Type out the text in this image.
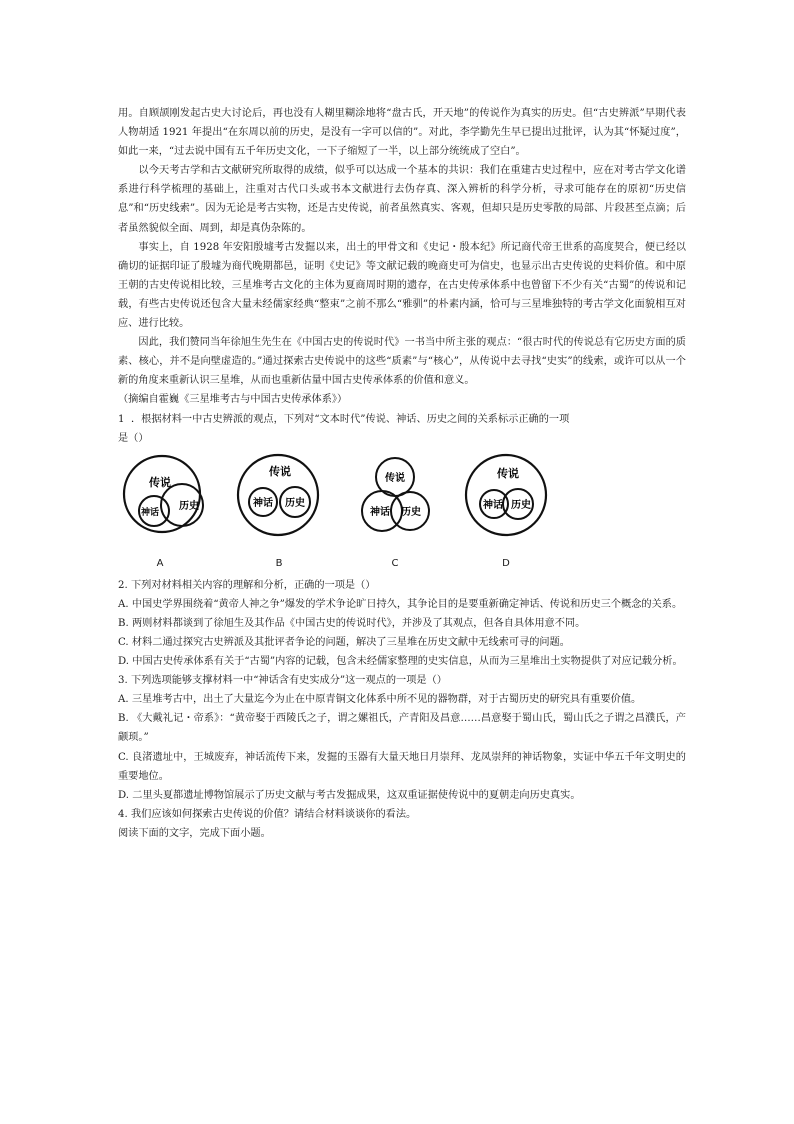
用。自顾颉刚发起古史大讨论后，再也没有人糊里糊涂地将“盘古氏，开天地”的传说作为真实的历史。但“古史辨派”早期代表人物胡适 1921 年提出“在东周以前的历史，是没有一字可以信的”。对此，李学勤先生早已提出过批评，认为其“怀疑过度”，如此一来，“过去说中国有五千年历史文化，一下子缩短了一半，以上部分统统成了空白”。

以今天考古学和古文献研究所取得的成绩，似乎可以达成一个基本的共识：我们在重建古史过程中，应在对考古学文化谱系进行科学梳理的基础上，注重对古代口头或书本文献进行去伪存真、深入辨析的科学分析，寻求可能存在的原初“历史信息”和“历史线索”。因为无论是考古实物，还是古史传说，前者虽然真实、客观，但却只是历史零散的局部、片段甚至点滴；后者虽然貌似全面、周到，却是真伪杂陈的。

事实上，自 1928 年安阳殷墟考古发掘以来，出土的甲骨文和《史记・殷本纪》所记商代帝王世系的高度契合，便已经以确切的证据印证了殷墟为商代晚期都邑，证明《史记》等文献记载的晚商史可为信史，也显示出古史传说的史料价值。和中原王朝的古史传说相比较，三星堆考古文化的主体为夏商周时期的遗存，在古史传承体系中也曾留下不少有关“古蜀”的传说和记载，有些古史传说还包含大量未经儒家经典“整束”之前不那么“雅驯”的朴素内涵，恰可与三星堆独特的考古学文化面貌相互对应、进行比较。

因此，我们赞同当年徐旭生先生在《中国古史的传说时代》一书当中所主张的观点：“很古时代的传说总有它历史方面的质素、核心，并不是向壁虚造的。”通过探索古史传说中的这些“质素”与“核心”，从传说中去寻找“史实”的线索，或许可以从一个新的角度来重新认识三星堆，从而也重新估量中国古史传承体系的价值和意义。

（摘编自霍巍《三星堆考古与中国古史传承体系》）

1 ．根据材料一中古史辨派的观点，下列对“文本时代”传说、神话、历史之间的关系标示正确的一项

是（）

传说
神话
历史
A
传说
神话 历史
B
传说
神话 历史
C
传说
神话 历史
D

2. 下列对材料相关内容的理解和分析，正确的一项是（）

A. 中国史学界围绕着“黄帝人神之争”爆发的学术争论旷日持久，其争论目的是要重新确定神话、传说和历史三个概念的关系。

B. 两则材料都谈到了徐旭生及其作品《中国古史的传说时代》，并涉及了其观点，但各自具体用意不同。

C. 材料二通过探究古史辨派及其批评者争论的问题，解决了三星堆在历史文献中无线索可寻的问题。

D. 中国古史传承体系有关于“古蜀”内容的记载，包含未经儒家整理的史实信息，从而为三星堆出土实物提供了对应记载分析。

3. 下列选项能够支撑材料一中“神话含有史实成分”这一观点的一项是（）

A. 三星堆考古中，出土了大量迄今为止在中原青铜文化体系中所不见的器物群，对于古蜀历史的研究具有重要价值。

B. 《大戴礼记・帝系》：“黄帝娶于西陵氏之子，谓之嫘祖氏，产青阳及昌意……昌意娶于蜀山氏，蜀山氏之子谓之昌濮氏，产颛顼。”

C. 良渚遗址中，王城废弃，神话流传下来，发掘的玉器有大量天地日月崇拜、龙凤崇拜的神话物象，实证中华五千年文明史的重要地位。

D. 二里头夏都遗址博物馆展示了历史文献与考古发掘成果，这双重证据使传说中的夏朝走向历史真实。

4. 我们应该如何探索古史传说的价值？请结合材料谈谈你的看法。

阅读下面的文字，完成下面小题。
